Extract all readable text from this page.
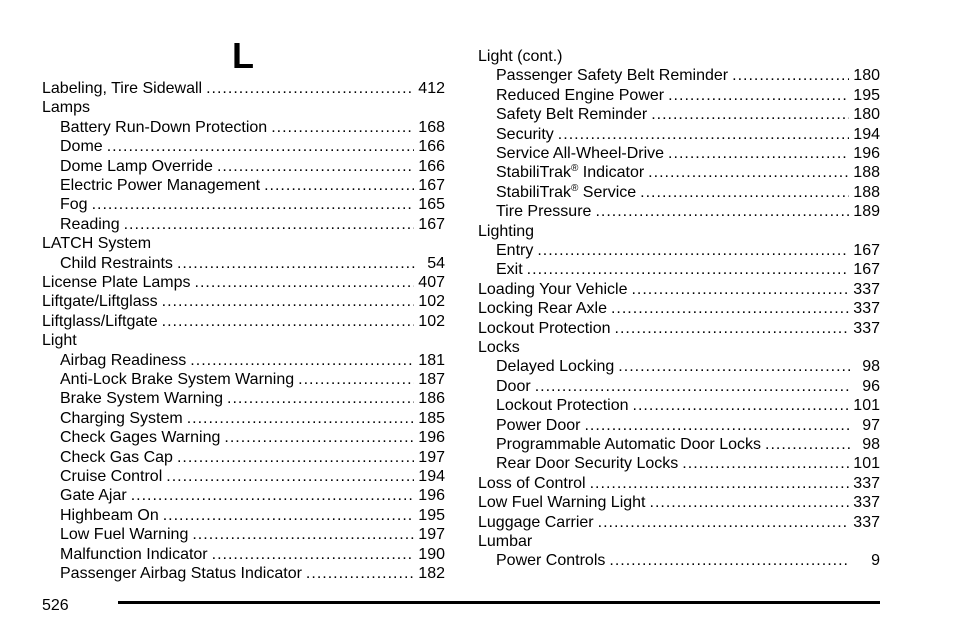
L
Labeling, Tire Sidewall .....	412
Lamps
Battery Run-Down Protection .....	168
Dome .....	166
Dome Lamp Override .....	166
Electric Power Management .....	167
Fog .....	165
Reading .....	167
LATCH System
Child Restraints .....	54
License Plate Lamps .....	407
Liftgate/Liftglass .....	102
Liftglass/Liftgate .....	102
Light
Airbag Readiness .....	181
Anti-Lock Brake System Warning .....	187
Brake System Warning .....	186
Charging System .....	185
Check Gages Warning .....	196
Check Gas Cap .....	197
Cruise Control .....	194
Gate Ajar .....	196
Highbeam On .....	195
Low Fuel Warning .....	197
Malfunction Indicator .....	190
Passenger Airbag Status Indicator .....	182
Light (cont.)
Passenger Safety Belt Reminder .....	180
Reduced Engine Power .....	195
Safety Belt Reminder .....	180
Security .....	194
Service All-Wheel-Drive .....	196
StabiliTrak® Indicator .....	188
StabiliTrak® Service .....	188
Tire Pressure .....	189
Lighting
Entry .....	167
Exit .....	167
Loading Your Vehicle .....	337
Locking Rear Axle .....	337
Lockout Protection .....	337
Locks
Delayed Locking .....	98
Door .....	96
Lockout Protection .....	101
Power Door .....	97
Programmable Automatic Door Locks .....	98
Rear Door Security Locks .....	101
Loss of Control .....	337
Low Fuel Warning Light .....	337
Luggage Carrier .....	337
Lumbar
Power Controls .....	9
526
